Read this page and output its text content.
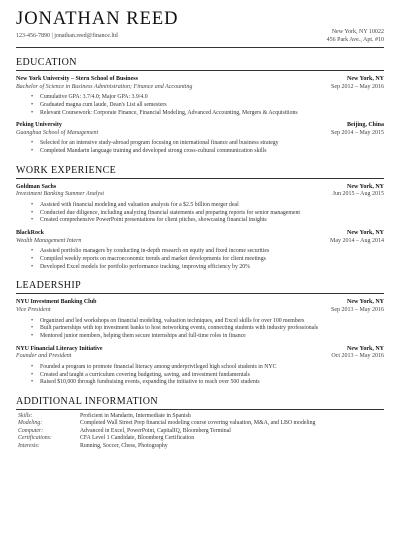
JONATHAN REED
123-456-7890 | jonathan.reed@finance.ltd
New York, NY 10022
456 Park Ave., Apt. #10
EDUCATION
New York University – Stern School of Business	New York, NY
Bachelor of Science in Business Administration; Finance and Accounting	Sep 2012 – May 2016
• Cumulative GPA: 3.7/4.0; Major GPA: 3.9/4.0
• Graduated magna cum laude, Dean's List all semesters
• Relevant Coursework: Corporate Finance, Financial Modeling, Advanced Accounting, Mergers & Acquisitions
Peking University	Beijing, China
Guanghua School of Management	Sep 2014 – May 2015
• Selected for an intensive study-abroad program focusing on international finance and business strategy
• Completed Mandarin language training and developed strong cross-cultural communication skills
WORK EXPERIENCE
Goldman Sachs	New York, NY
Investment Banking Summer Analyst	Jun 2015 – Aug 2015
• Assisted with financial modeling and valuation analysis for a $2.5 billion merger deal
• Conducted due diligence, including analyzing financial statements and preparing reports for senior management
• Created comprehensive PowerPoint presentations for client pitches, showcasing financial insights
BlackRock	New York, NY
Wealth Management Intern	May 2014 – Aug 2014
• Assisted portfolio managers by conducting in-depth research on equity and fixed income securities
• Compiled weekly reports on macroeconomic trends and market developments for client meetings
• Developed Excel models for portfolio performance tracking, improving efficiency by 20%
LEADERSHIP
NYU Investment Banking Club	New York, NY
Vice President	Sep 2013 – May 2016
• Organized and led workshops on financial modeling, valuation techniques, and Excel skills for over 100 members
• Built partnerships with top investment banks to host networking events, connecting students with industry professionals
• Mentored junior members, helping them secure internships and full-time roles in finance
NYU Financial Literacy Initiative	New York, NY
Founder and President	Oct 2013 – May 2016
• Founded a program to promote financial literacy among underprivileged high school students in NYC
• Created and taught a curriculum covering budgeting, saving, and investment fundamentals
• Raised $10,000 through fundraising events, expanding the initiative to reach over 500 students
ADDITIONAL INFORMATION
Skills:	Proficient in Mandarin, Intermediate in Spanish
Modeling:	Completed Wall Street Prep financial modeling course covering valuation, M&A, and LBO modeling
Computer:	Advanced in Excel, PowerPoint, CapitalIQ, Bloomberg Terminal
Certifications:	CFA Level 1 Candidate, Bloomberg Certification
Interests:	Running, Soccer, Chess, Photography
